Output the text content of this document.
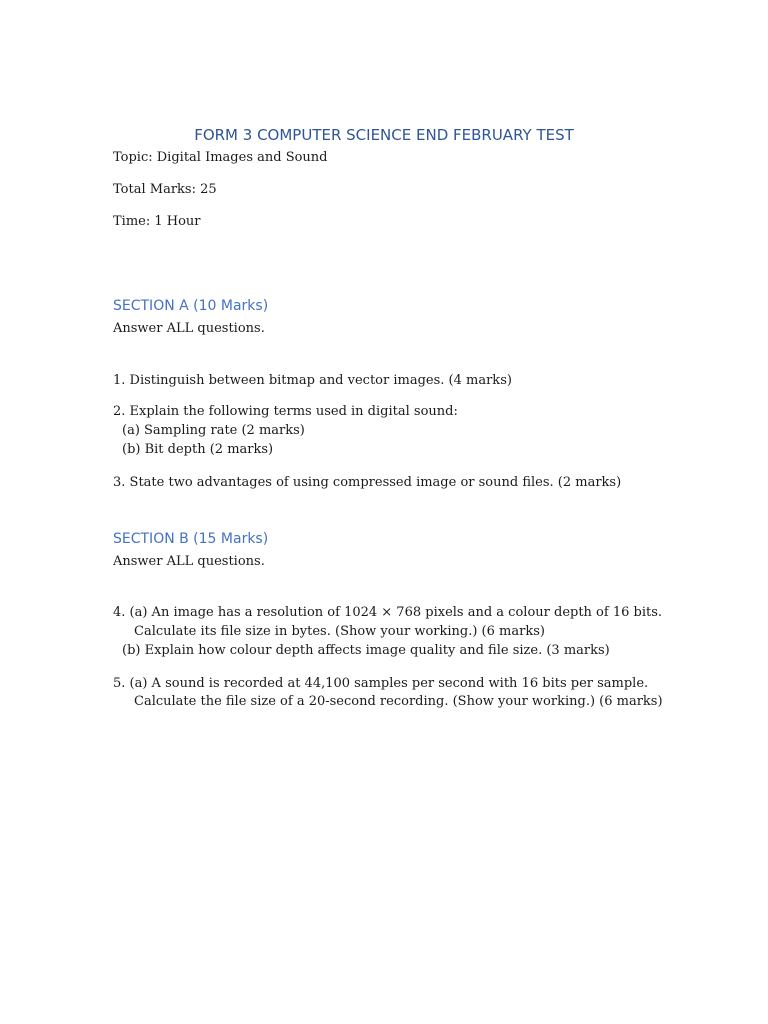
FORM 3 COMPUTER SCIENCE END FEBRUARY TEST
Topic: Digital Images and Sound
Total Marks: 25
Time: 1 Hour
SECTION A (10 Marks)
Answer ALL questions.
1. Distinguish between bitmap and vector images. (4 marks)
2. Explain the following terms used in digital sound:
(a) Sampling rate (2 marks)
(b) Bit depth (2 marks)
3. State two advantages of using compressed image or sound files. (2 marks)
SECTION B (15 Marks)
Answer ALL questions.
4. (a) An image has a resolution of 1024 × 768 pixels and a colour depth of 16 bits.
Calculate its file size in bytes. (Show your working.) (6 marks)
(b) Explain how colour depth affects image quality and file size. (3 marks)
5. (a) A sound is recorded at 44,100 samples per second with 16 bits per sample.
Calculate the file size of a 20-second recording. (Show your working.) (6 marks)
